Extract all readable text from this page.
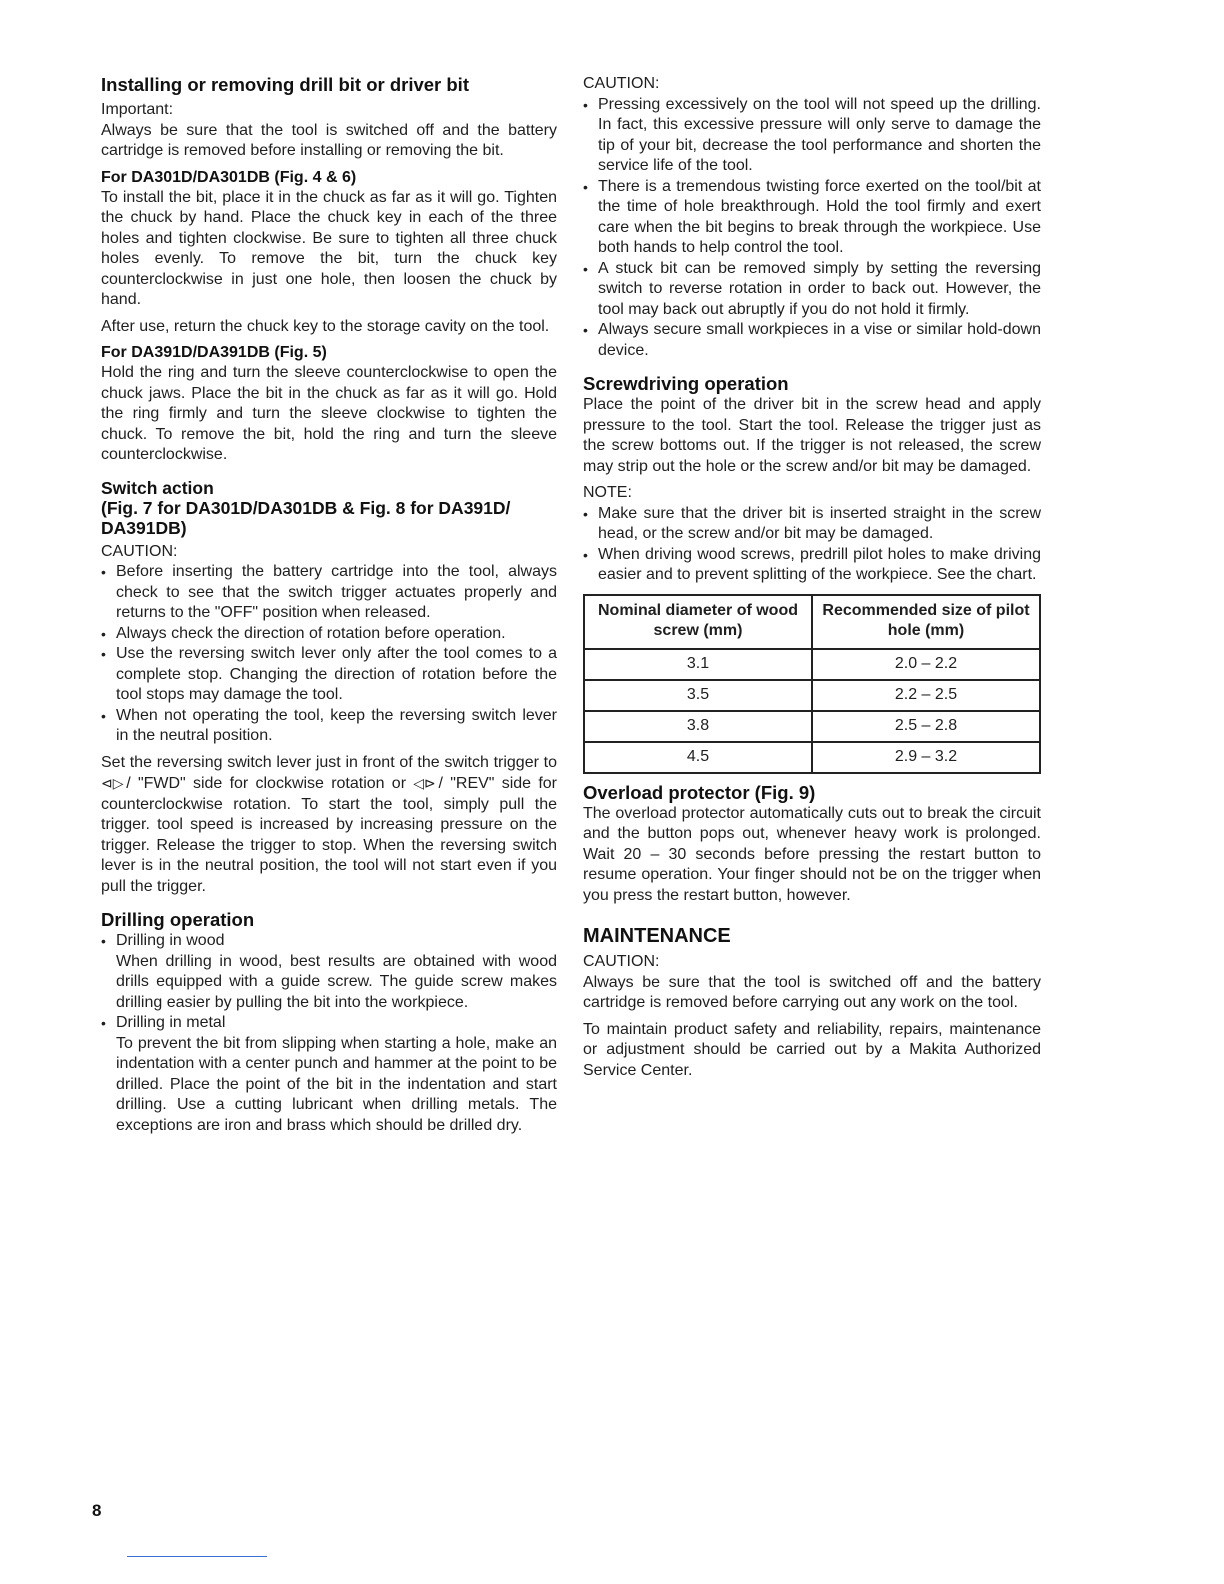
Installing or removing drill bit or driver bit

Important:

Always be sure that the tool is switched off and the battery cartridge is removed before installing or removing the bit.

For DA301D/DA301DB (Fig. 4 & 6)

To install the bit, place it in the chuck as far as it will go. Tighten the chuck by hand. Place the chuck key in each of the three holes and tighten clockwise. Be sure to tighten all three chuck holes evenly. To remove the bit, turn the chuck key counterclockwise in just one hole, then loosen the chuck by hand.

After use, return the chuck key to the storage cavity on the tool.

For DA391D/DA391DB (Fig. 5)

Hold the ring and turn the sleeve counterclockwise to open the chuck jaws. Place the bit in the chuck as far as it will go. Hold the ring firmly and turn the sleeve clockwise to tighten the chuck. To remove the bit, hold the ring and turn the sleeve counterclockwise.

Switch action
(Fig. 7 for DA301D/DA301DB & Fig. 8 for DA391D/ DA391DB)

CAUTION:

• Before inserting the battery cartridge into the tool, always check to see that the switch trigger actuates properly and returns to the "OFF" position when released.
• Always check the direction of rotation before operation.
• Use the reversing switch lever only after the tool comes to a complete stop. Changing the direction of rotation before the tool stops may damage the tool.
• When not operating the tool, keep the reversing switch lever in the neutral position.

Set the reversing switch lever just in front of the switch trigger to ⊲▷ / "FWD" side for clockwise rotation or ◁⊳ / "REV" side for counterclockwise rotation. To start the tool, simply pull the trigger. tool speed is increased by increasing pressure on the trigger. Release the trigger to stop. When the reversing switch lever is in the neutral position, the tool will not start even if you pull the trigger.

Drilling operation
• Drilling in wood
When drilling in wood, best results are obtained with wood drills equipped with a guide screw. The guide screw makes drilling easier by pulling the bit into the workpiece.
• Drilling in metal
To prevent the bit from slipping when starting a hole, make an indentation with a center punch and hammer at the point to be drilled. Place the point of the bit in the indentation and start drilling. Use a cutting lubricant when drilling metals. The exceptions are iron and brass which should be drilled dry.

CAUTION:

• Pressing excessively on the tool will not speed up the drilling. In fact, this excessive pressure will only serve to damage the tip of your bit, decrease the tool performance and shorten the service life of the tool.
• There is a tremendous twisting force exerted on the tool/bit at the time of hole breakthrough. Hold the tool firmly and exert care when the bit begins to break through the workpiece. Use both hands to help control the tool.
• A stuck bit can be removed simply by setting the reversing switch to reverse rotation in order to back out. However, the tool may back out abruptly if you do not hold it firmly.
• Always secure small workpieces in a vise or similar hold-down device.
Screwdriving operation

Place the point of the driver bit in the screw head and apply pressure to the tool. Start the tool. Release the trigger just as the screw bottoms out. If the trigger is not released, the screw may strip out the hole or the screw and/or bit may be damaged.

NOTE:

• Make sure that the driver bit is inserted straight in the screw head, or the screw and/or bit may be damaged.
• When driving wood screws, predrill pilot holes to make driving easier and to prevent splitting of the workpiece. See the chart.
Nominal diameter of wood screw (mm)	Recommended size of pilot hole (mm)
3.1	2.0 – 2.2
3.5	2.2 – 2.5
3.8	2.5 – 2.8
4.5	2.9 – 3.2
Overload protector (Fig. 9)

The overload protector automatically cuts out to break the circuit and the button pops out, whenever heavy work is prolonged. Wait 20 – 30 seconds before pressing the restart button to resume operation. Your finger should not be on the trigger when you press the restart button, however.

MAINTENANCE

CAUTION:

Always be sure that the tool is switched off and the battery cartridge is removed before carrying out any work on the tool.

To maintain product safety and reliability, repairs, maintenance or adjustment should be carried out by a Makita Authorized Service Center.

8
